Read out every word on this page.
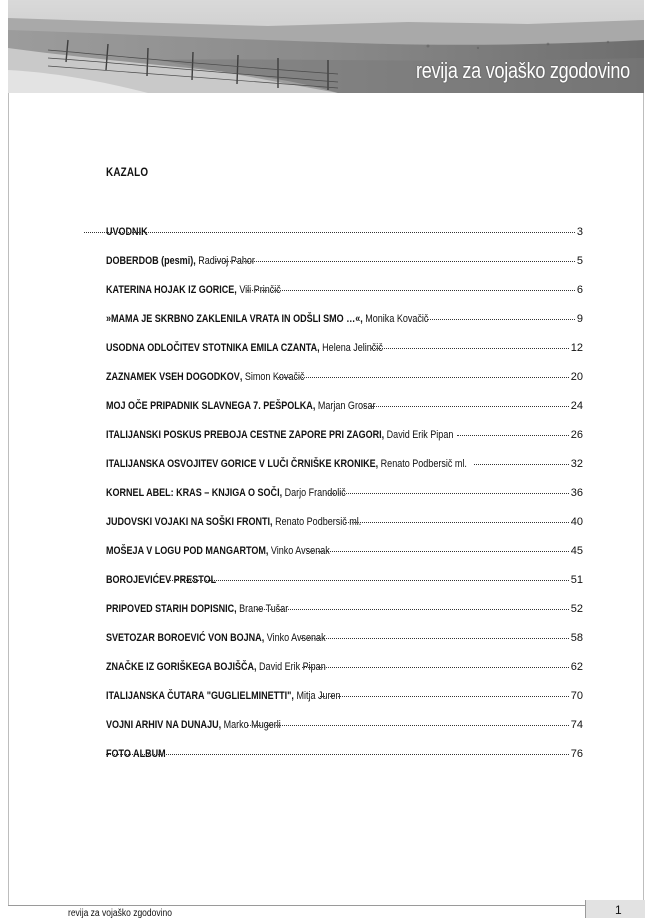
revija za vojaško zgodovino
KAZALO
UVODNIK	3
DOBERDOB (pesmi) , Radivoj Pahor	5
KATERINA HOJAK IZ GORICE , Vili Prinčič	6
»MAMA JE SKRBNO ZAKLENILA VRATA IN ODŠLI SMO …« , Monika Kovačič	9
USODNA ODLOČITEV STOTNIKA EMILA CZANTA , Helena Jelinčič	12
ZAZNAMEK VSEH DOGODKOV , Simon Kovačič	20
MOJ OČE PRIPADNIK SLAVNEGA 7. PEŠPOLKA , Marjan Grosar	24
ITALIJANSKI POSKUS PREBOJA CESTNE ZAPORE PRI ZAGORI , David Erik Pipan	26
ITALIJANSKA OSVOJITEV GORICE V LUČI ČRNIŠKE KRONIKE , Renato Podbersič ml.	32
KORNEL ABEL: KRAS – KNJIGA O SOČI , Darjo Frandolič	36
JUDOVSKI VOJAKI NA SOŠKI FRONTI , Renato Podbersič ml.	40
MOŠEJA V LOGU POD MANGARTOM , Vinko Avsenak	45
BOROJEVIĆEV PRESTOL	51
PRIPOVED STARIH DOPISNIC , Brane Tušar	52
SVETOZAR BOROEVIĆ VON BOJNA , Vinko Avsenak	58
ZNAČKE IZ GORIŠKEGA BOJIŠČA , David Erik Pipan	62
ITALIJANSKA ČUTARA "GUGLIELMINETTI" , Mitja Juren	70
VOJNI ARHIV NA DUNAJU , Marko Mugerli	74
FOTO ALBUM	76
revija za vojaško zgodovino	1
